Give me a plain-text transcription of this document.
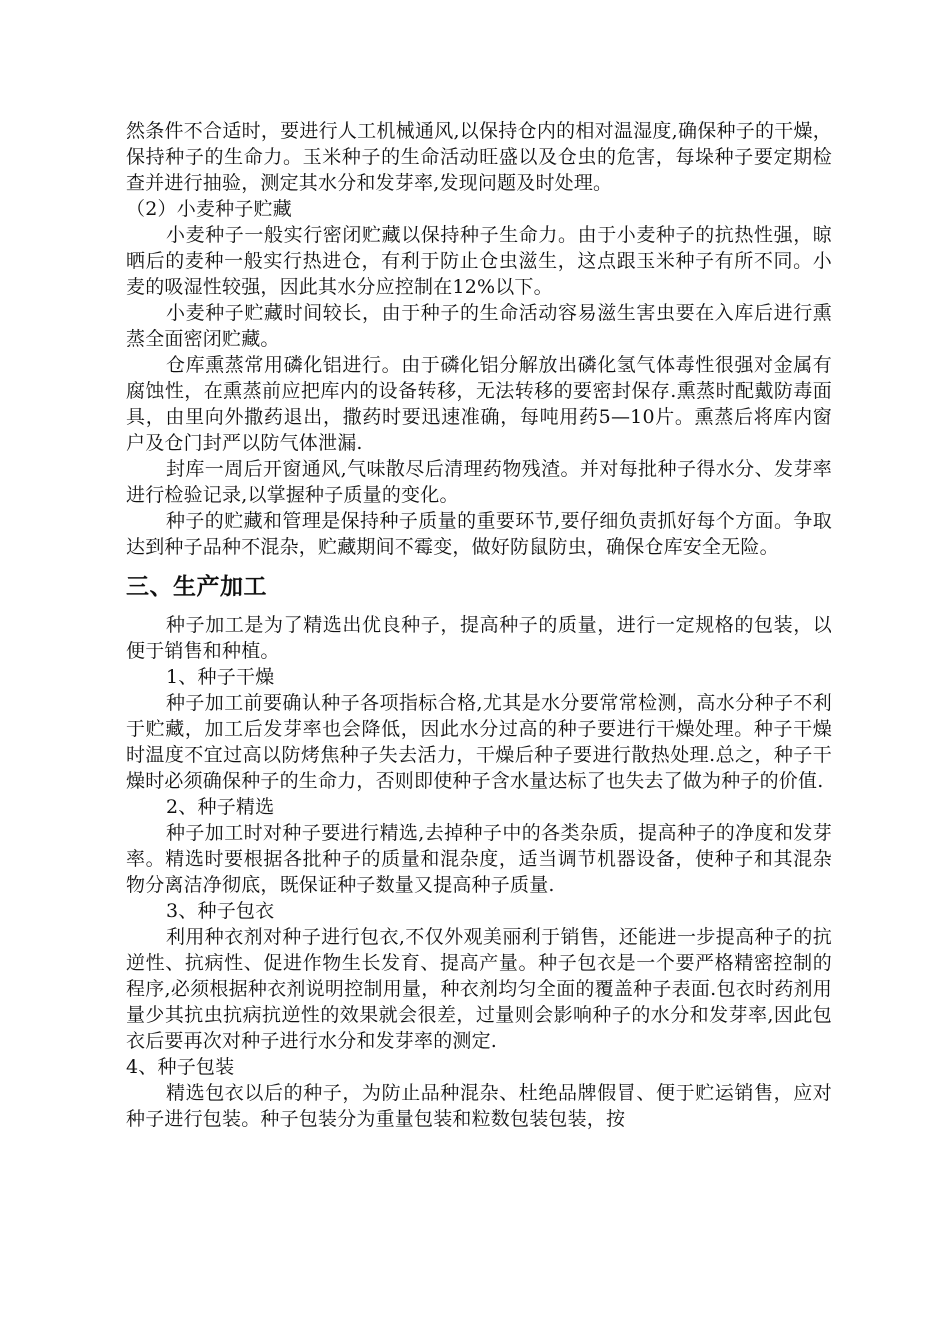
然条件不合适时，要进行人工机械通风,以保持仓内的相对温湿度,确保种子的干燥，保持种子的生命力。玉米种子的生命活动旺盛以及仓虫的危害，每垛种子要定期检查并进行抽验，测定其水分和发芽率,发现问题及时处理。

（2）小麦种子贮藏

小麦种子一般实行密闭贮藏以保持种子生命力。由于小麦种子的抗热性强，晾晒后的麦种一般实行热进仓，有利于防止仓虫滋生，这点跟玉米种子有所不同。小麦的吸湿性较强，因此其水分应控制在12%以下。

小麦种子贮藏时间较长，由于种子的生命活动容易滋生害虫要在入库后进行熏蒸全面密闭贮藏。

仓库熏蒸常用磷化铝进行。由于磷化铝分解放出磷化氢气体毒性很强对金属有腐蚀性，在熏蒸前应把库内的设备转移，无法转移的要密封保存.熏蒸时配戴防毒面具，由里向外撒药退出，撒药时要迅速准确，每吨用药5—10片。熏蒸后将库内窗户及仓门封严以防气体泄漏.

封库一周后开窗通风,气味散尽后清理药物残渣。并对每批种子得水分、发芽率进行检验记录,以掌握种子质量的变化。

种子的贮藏和管理是保持种子质量的重要环节,要仔细负责抓好每个方面。争取达到种子品种不混杂，贮藏期间不霉变，做好防鼠防虫，确保仓库安全无险。

三、生产加工

种子加工是为了精选出优良种子，提高种子的质量，进行一定规格的包装，以便于销售和种植。

1、种子干燥

种子加工前要确认种子各项指标合格,尤其是水分要常常检测，高水分种子不利于贮藏，加工后发芽率也会降低，因此水分过高的种子要进行干燥处理。种子干燥时温度不宜过高以防烤焦种子失去活力，干燥后种子要进行散热处理.总之，种子干燥时必须确保种子的生命力，否则即使种子含水量达标了也失去了做为种子的价值.

2、种子精选

种子加工时对种子要进行精选,去掉种子中的各类杂质，提高种子的净度和发芽率。精选时要根据各批种子的质量和混杂度，适当调节机器设备，使种子和其混杂物分离洁净彻底，既保证种子数量又提高种子质量.

3、种子包衣

利用种衣剂对种子进行包衣,不仅外观美丽利于销售，还能进一步提高种子的抗逆性、抗病性、促进作物生长发育、提高产量。种子包衣是一个要严格精密控制的程序,必须根据种衣剂说明控制用量，种衣剂均匀全面的覆盖种子表面.包衣时药剂用量少其抗虫抗病抗逆性的效果就会很差，过量则会影响种子的水分和发芽率,因此包衣后要再次对种子进行水分和发芽率的测定.

4、种子包装

精选包衣以后的种子，为防止品种混杂、杜绝品牌假冒、便于贮运销售，应对种子进行包装。种子包装分为重量包装和粒数包装包装，按
